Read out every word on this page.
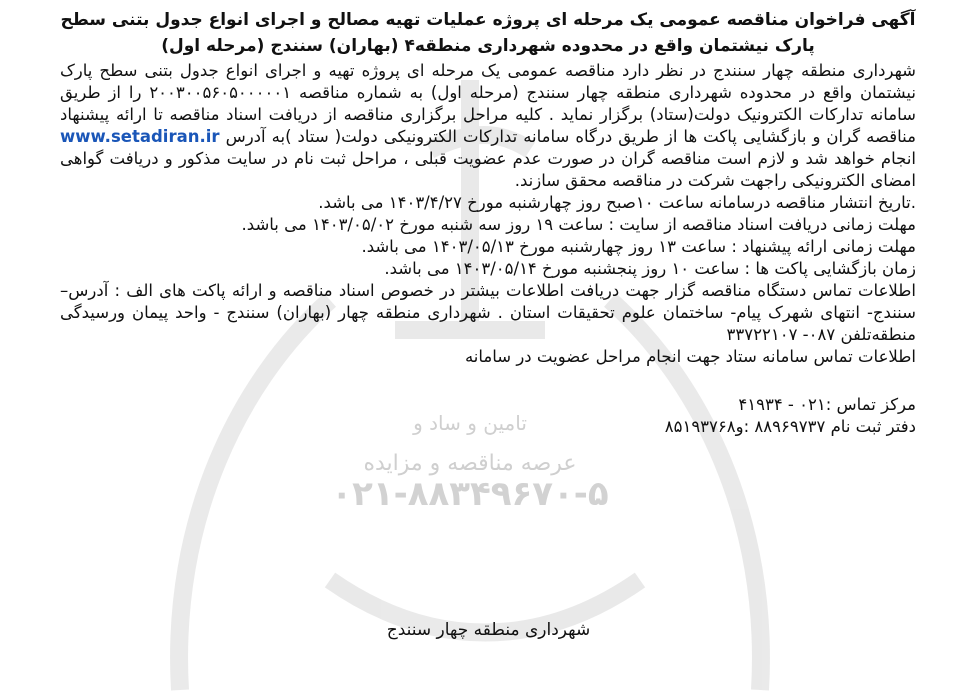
تامین و ساد و
عرصه مناقصه و مزایده
۰۲۱-۸۸۳۴۹۶۷۰-۵
آگهی فراخوان مناقصه عمومی یک مرحله ای پروژه عملیات تهیه مصالح و اجرای انواع جدول بتنی سطح
پارک نیشتمان واقع در محدوده شهرداری منطقه۴ (بهاران) سنندج (مرحله اول)

شهرداری منطقه چهار سنندج در نظر دارد مناقصه عمومی یک مرحله ای پروژه تهیه و اجرای انواع جدول بتنی سطح پارک نیشتمان واقع در محدوده شهرداری منطقه چهار سنندج (مرحله اول) به شماره مناقصه ۲۰۰۳۰۰۵۶۰۵۰۰۰۰۰۱ را از طریق سامانه تدارکات الکترونیک دولت(ستاد) برگزار نماید . کلیه مراحل برگزاری مناقصه از دریافت اسناد مناقصه تا ارائه پیشنهاد مناقصه گران و بازگشایی پاکت ها از طریق درگاه سامانه تدارکات الکترونیکی دولت( ستاد )به آدرس www.setadiran.ir انجام خواهد شد و لازم است مناقصه گران در صورت عدم عضویت قبلی ، مراحل ثبت نام در سایت مذکور و دریافت گواهی امضای الکترونیکی راجهت شرکت در مناقصه محقق سازند.

.تاریخ انتشار مناقصه درسامانه ساعت ۱۰صبح روز چهارشنبه مورخ ۱۴۰۳/۴/۲۷ می باشد.

مهلت زمانی دریافت اسناد مناقصه از سایت : ساعت ۱۹ روز سه شنبه مورخ ۱۴۰۳/۰۵/۰۲ می باشد.

مهلت زمانی ارائه پیشنهاد : ساعت ۱۳ روز چهارشنبه مورخ ۱۴۰۳/۰۵/۱۳ می باشد.

زمان بازگشایی پاکت ها : ساعت ۱۰ روز پنجشنبه مورخ ۱۴۰۳/۰۵/۱۴ می باشد.

اطلاعات تماس دستگاه مناقصه گزار جهت دریافت اطلاعات بیشتر در خصوص اسناد مناقصه و ارائه پاکت های الف : آدرس– سنندج- انتهای شهرک پیام- ساختمان علوم تحقیقات استان . شهرداری منطقه چهار (بهاران) سنندج - واحد پیمان ورسیدگی منطقه‌تلفن ۰۸۷- ۳۳۷۲۲۱۰۷

اطلاعات تماس سامانه ستاد جهت انجام مراحل عضویت در سامانه

مرکز تماس :۰۲۱ - ۴۱۹۳۴

دفتر ثبت نام ۸۸۹۶۹۷۳۷ :و۸۵۱۹۳۷۶۸

شهرداری منطقه چهار سنندج
